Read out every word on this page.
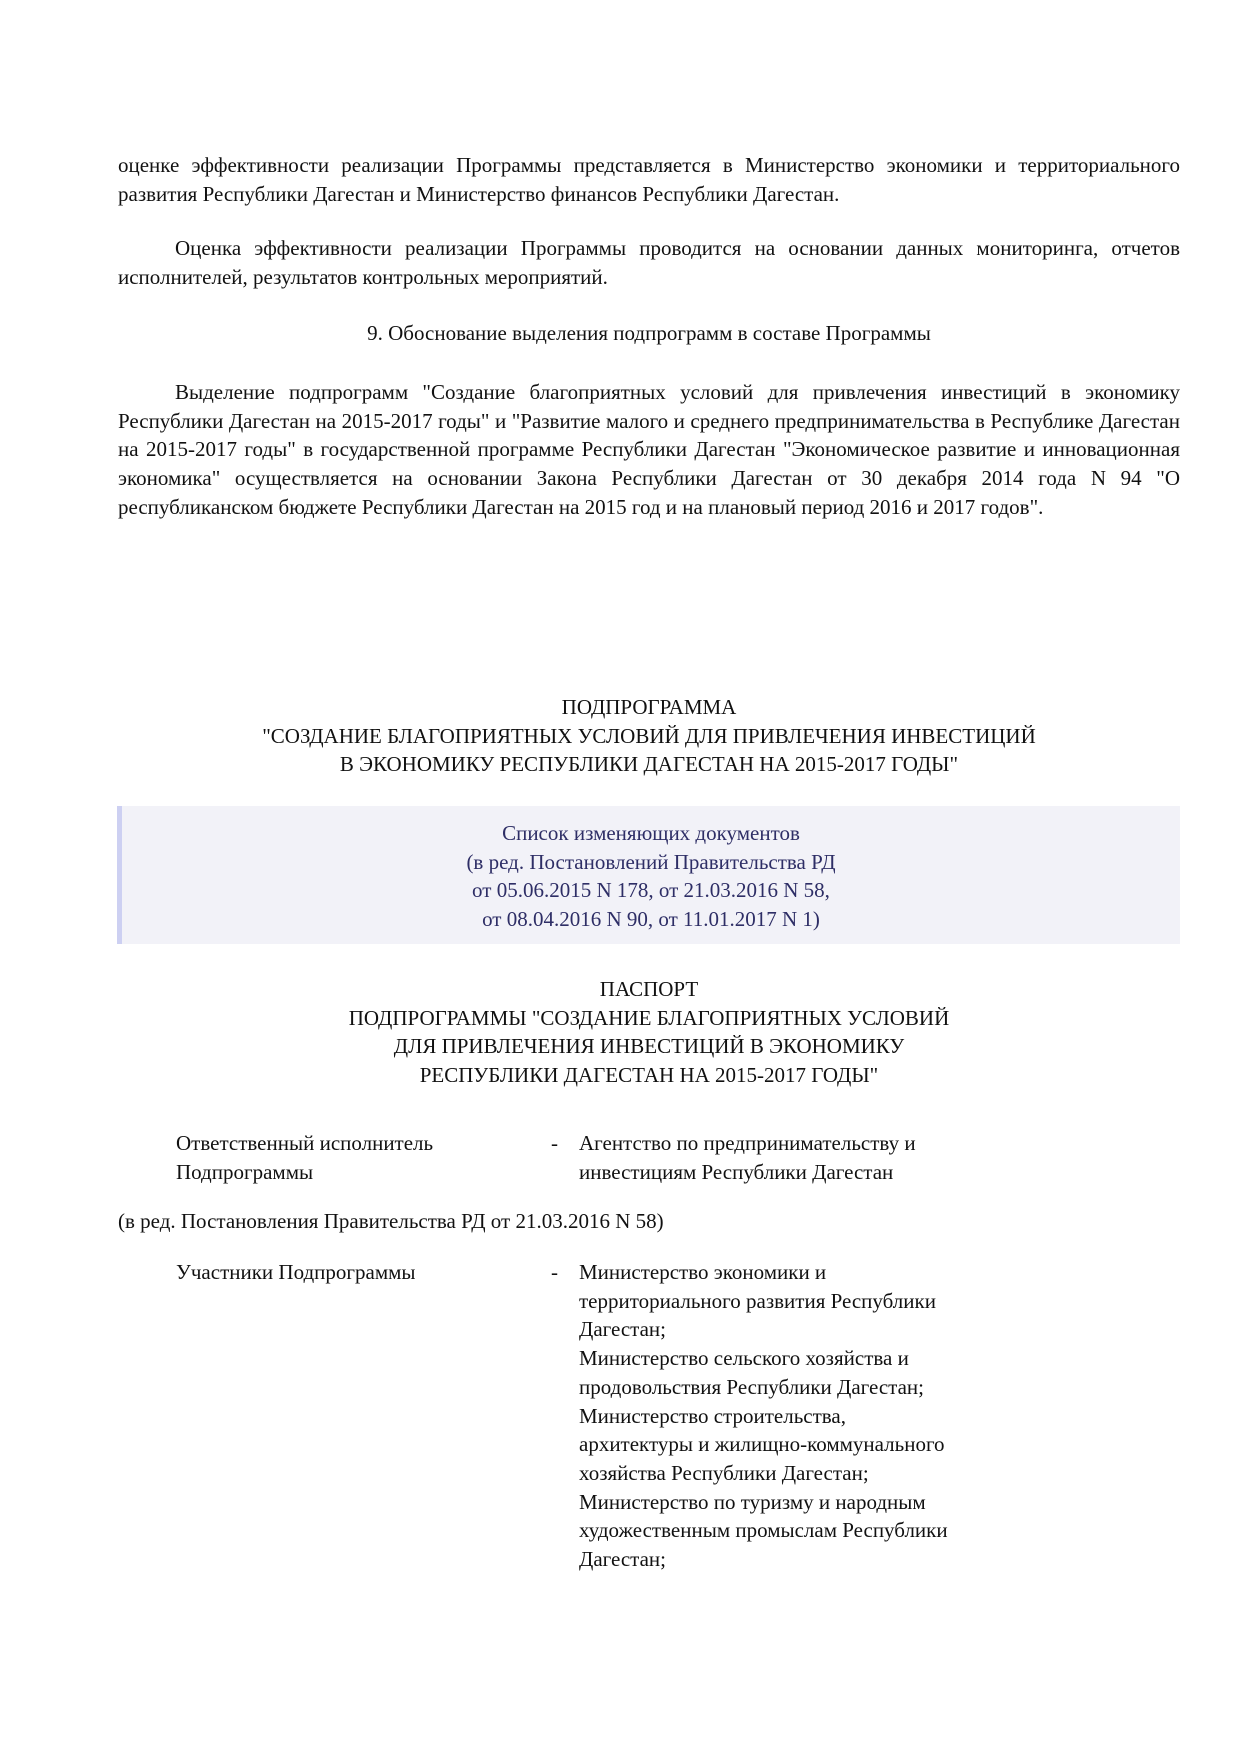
оценке эффективности реализации Программы представляется в Министерство экономики и территориального развития Республики Дагестан и Министерство финансов Республики Дагестан.
Оценка эффективности реализации Программы проводится на основании данных мониторинга, отчетов исполнителей, результатов контрольных мероприятий.
9. Обоснование выделения подпрограмм в составе Программы
Выделение подпрограмм "Создание благоприятных условий для привлечения инвестиций в экономику Республики Дагестан на 2015-2017 годы" и "Развитие малого и среднего предпринимательства в Республике Дагестан на 2015-2017 годы" в государственной программе Республики Дагестан "Экономическое развитие и инновационная экономика" осуществляется на основании Закона Республики Дагестан от 30 декабря 2014 года N 94 "О республиканском бюджете Республики Дагестан на 2015 год и на плановый период 2016 и 2017 годов".
ПОДПРОГРАММА
"СОЗДАНИЕ БЛАГОПРИЯТНЫХ УСЛОВИЙ ДЛЯ ПРИВЛЕЧЕНИЯ ИНВЕСТИЦИЙ
В ЭКОНОМИКУ РЕСПУБЛИКИ ДАГЕСТАН НА 2015-2017 ГОДЫ"
Список изменяющих документов
(в ред. Постановлений Правительства РД
от 05.06.2015 N 178, от 21.03.2016 N 58,
от 08.04.2016 N 90, от 11.01.2017 N 1)
ПАСПОРТ
ПОДПРОГРАММЫ "СОЗДАНИЕ БЛАГОПРИЯТНЫХ УСЛОВИЙ
ДЛЯ ПРИВЛЕЧЕНИЯ ИНВЕСТИЦИЙ В ЭКОНОМИКУ
РЕСПУБЛИКИ ДАГЕСТАН НА 2015-2017 ГОДЫ"
Ответственный исполнитель
Подпрограммы
- Агентство по предпринимательству и
инвестициям Республики Дагестан
(в ред. Постановления Правительства РД от 21.03.2016 N 58)
Участники Подпрограммы	- Министерство экономики и
территориального развития Республики
Дагестан;
Министерство сельского хозяйства и
продовольствия Республики Дагестан;
Министерство строительства,
архитектуры и жилищно-коммунального
хозяйства Республики Дагестан;
Министерство по туризму и народным
художественным промыслам Республики
Дагестан;
